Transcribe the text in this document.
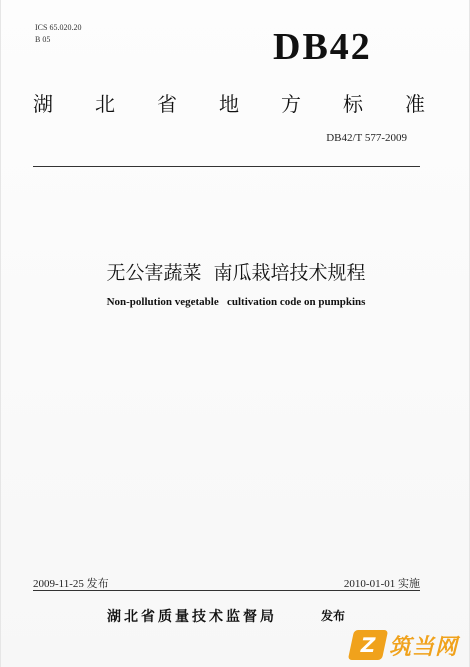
ICS 65.020.20
B 05	DB42
湖 北 省 地 方 标 准
DB42/T 577-2009
无公害蔬菜  南瓜栽培技术规程
Non-pollution vegetable   cultivation code on pumpkins
2009-11-25 发布	2010-01-01 实施
湖北省质量技术监督局	发布
Z 筑当网
